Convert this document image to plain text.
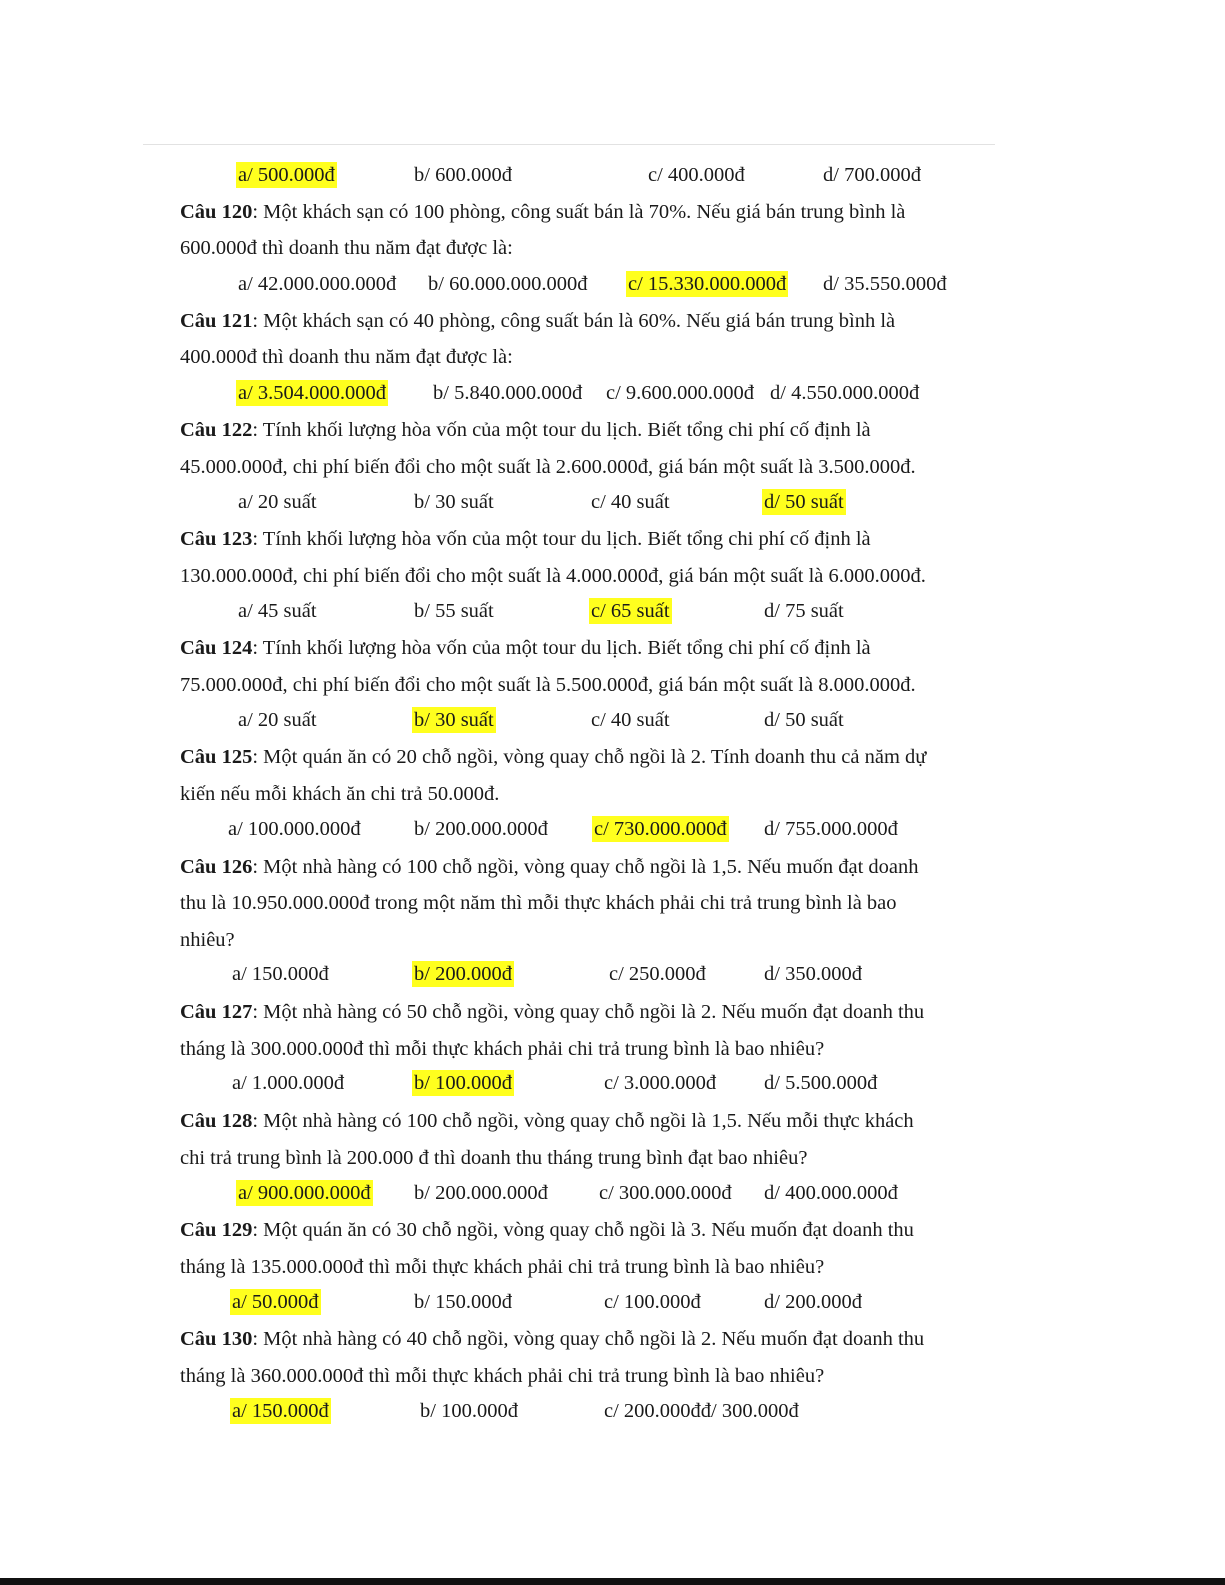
a/ 500.000đ	b/ 600.000đ	c/ 400.000đ	d/ 700.000đ
Câu 120: Một khách sạn có 100 phòng, công suất bán là 70%. Nếu giá bán trung bình là
600.000đ thì doanh thu năm đạt được là:
a/ 42.000.000.000đ b/ 60.000.000.000đ c/ 15.330.000.000đ d/ 35.550.000đ
Câu 121: Một khách sạn có 40 phòng, công suất bán là 60%. Nếu giá bán trung bình là
400.000đ thì doanh thu năm đạt được là:
a/ 3.504.000.000đ b/ 5.840.000.000đ c/ 9.600.000.000đ d/ 4.550.000.000đ
Câu 122: Tính khối lượng hòa vốn của một tour du lịch. Biết tổng chi phí cố định là
45.000.000đ, chi phí biến đổi cho một suất là 2.600.000đ, giá bán một suất là 3.500.000đ.
a/ 20 suất	b/ 30 suất	c/ 40 suất	d/ 50 suất
Câu 123: Tính khối lượng hòa vốn của một tour du lịch. Biết tổng chi phí cố định là
130.000.000đ, chi phí biến đổi cho một suất là 4.000.000đ, giá bán một suất là 6.000.000đ.
a/ 45 suất	b/ 55 suất	c/ 65 suất	d/ 75 suất
Câu 124: Tính khối lượng hòa vốn của một tour du lịch. Biết tổng chi phí cố định là
75.000.000đ, chi phí biến đổi cho một suất là 5.500.000đ, giá bán một suất là 8.000.000đ.
a/ 20 suất	b/ 30 suất	c/ 40 suất	d/ 50 suất
Câu 125: Một quán ăn có 20 chỗ ngồi, vòng quay chỗ ngồi là 2. Tính doanh thu cả năm dự
kiến nếu mỗi khách ăn chi trả 50.000đ.
a/ 100.000.000đ	b/ 200.000.000đ c/ 730.000.000đ d/ 755.000.000đ
Câu 126: Một nhà hàng có 100 chỗ ngồi, vòng quay chỗ ngồi là 1,5. Nếu muốn đạt doanh
thu là 10.950.000.000đ trong một năm thì mỗi thực khách phải chi trả trung bình là bao
nhiêu?
a/ 150.000đ	b/ 200.000đ	c/ 250.000đ	d/ 350.000đ
Câu 127: Một nhà hàng có 50 chỗ ngồi, vòng quay chỗ ngồi là 2. Nếu muốn đạt doanh thu
tháng là 300.000.000đ thì mỗi thực khách phải chi trả trung bình là bao nhiêu?
a/ 1.000.000đ	b/ 100.000đ	c/ 3.000.000đ d/ 5.500.000đ
Câu 128: Một nhà hàng có 100 chỗ ngồi, vòng quay chỗ ngồi là 1,5. Nếu mỗi thực khách
chi trả trung bình là 200.000 đ thì doanh thu tháng trung bình đạt bao nhiêu?
a/ 900.000.000đ b/ 200.000.000đ c/ 300.000.000đ d/ 400.000.000đ
Câu 129: Một quán ăn có 30 chỗ ngồi, vòng quay chỗ ngồi là 3. Nếu muốn đạt doanh thu
tháng là 135.000.000đ thì mỗi thực khách phải chi trả trung bình là bao nhiêu?
a/ 50.000đ	b/ 150.000đ	c/ 100.000đ	d/ 200.000đ
Câu 130: Một nhà hàng có 40 chỗ ngồi, vòng quay chỗ ngồi là 2. Nếu muốn đạt doanh thu
tháng là 360.000.000đ thì mỗi thực khách phải chi trả trung bình là bao nhiêu?
a/ 150.000đ	b/ 100.000đ	c/ 200.000đđ/ 300.000đ
